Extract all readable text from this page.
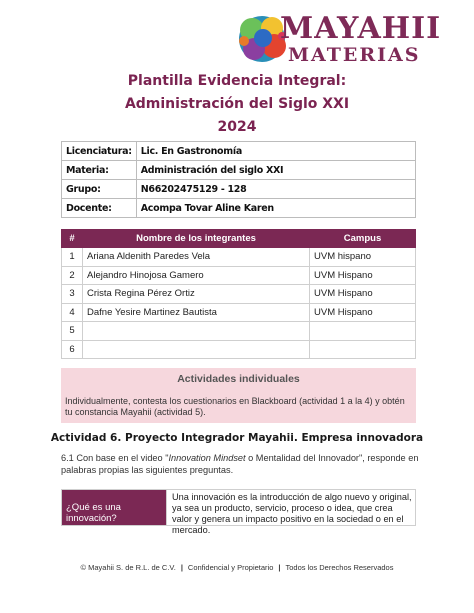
MAYAHII
MATERIAS
Plantilla Evidencia Integral:
Administración del Siglo XXI
2024
Licenciatura:	Lic. En Gastronomía
Materia:	Administración del siglo XXI
Grupo:	N66202475129 - 128
Docente:	Acompa Tovar Aline Karen
#	Nombre de los integrantes	Campus
1	Ariana Aldenith Paredes Vela	UVM hispano
2	Alejandro Hinojosa Gamero	UVM Hispano
3	Crista Regina Pérez Ortiz	UVM Hispano
4	Dafne Yesire Martinez Bautista	UVM Hispano
5		
6		
Actividades individuales
Individualmente, contesta los cuestionarios en Blackboard (actividad 1 a la 4) y obtén tu constancia Mayahii (actividad 5).
Actividad 6. Proyecto Integrador Mayahii. Empresa innovadora
6.1 Con base en el video "Innovation Mindset o Mentalidad del Innovador", responde en palabras propias las siguientes preguntas.
¿Qué es una innovación?
Una innovación es la introducción de algo nuevo y original, ya sea un producto, servicio, proceso o idea, que crea valor y genera un impacto positivo en la sociedad o en el mercado.
© Mayahii S. de R.L. de C.V. | Confidencial y Propietario | Todos los Derechos Reservados
